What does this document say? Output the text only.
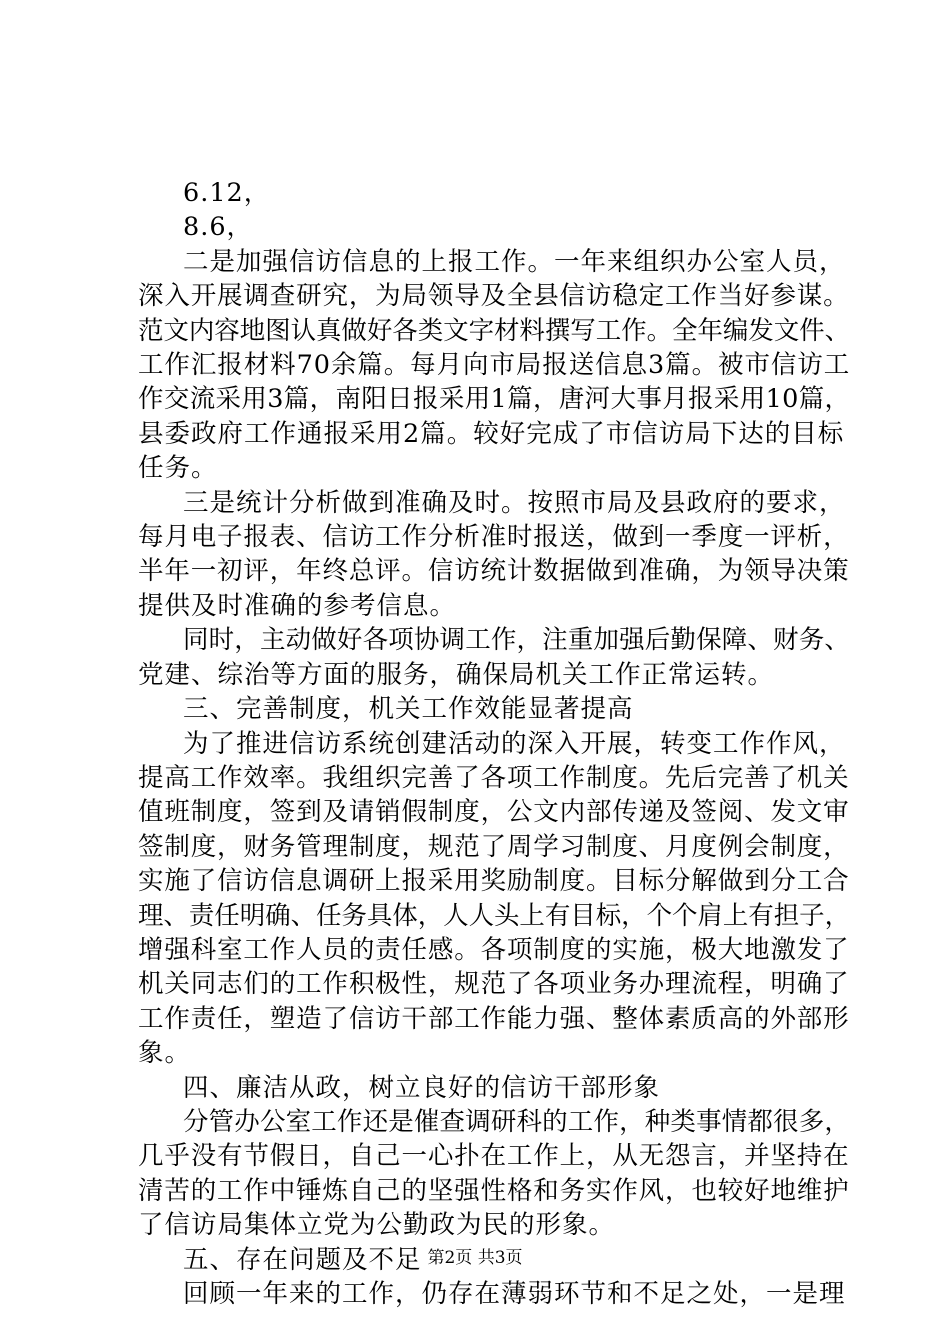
6.12，
8.6，
二是加强信访信息的上报工作。一年来组织办公室人员，
深入开展调查研究，为局领导及全县信访稳定工作当好参谋。
范文内容地图认真做好各类文字材料撰写工作。全年编发文件、
工作汇报材料70余篇。每月向市局报送信息3篇。被市信访工
作交流采用3篇，南阳日报采用1篇，唐河大事月报采用10篇，
县委政府工作通报采用2篇。较好完成了市信访局下达的目标
任务。
三是统计分析做到准确及时。按照市局及县政府的要求，
每月电子报表、信访工作分析准时报送，做到一季度一评析，
半年一初评，年终总评。信访统计数据做到准确，为领导决策
提供及时准确的参考信息。
同时，主动做好各项协调工作，注重加强后勤保障、财务、
党建、综治等方面的服务，确保局机关工作正常运转。
三、完善制度，机关工作效能显著提高
为了推进信访系统创建活动的深入开展，转变工作作风，
提高工作效率。我组织完善了各项工作制度。先后完善了机关
值班制度，签到及请销假制度，公文内部传递及签阅、发文审
签制度，财务管理制度，规范了周学习制度、月度例会制度，
实施了信访信息调研上报采用奖励制度。目标分解做到分工合
理、责任明确、任务具体，人人头上有目标，个个肩上有担子，
增强科室工作人员的责任感。各项制度的实施，极大地激发了
机关同志们的工作积极性，规范了各项业务办理流程，明确了
工作责任，塑造了信访干部工作能力强、整体素质高的外部形
象。
四、廉洁从政，树立良好的信访干部形象
分管办公室工作还是催查调研科的工作，种类事情都很多，
几乎没有节假日，自己一心扑在工作上，从无怨言，并坚持在
清苦的工作中锤炼自己的坚强性格和务实作风，也较好地维护
了信访局集体立党为公勤政为民的形象。
五、存在问题及不足
回顾一年来的工作，仍存在薄弱环节和不足之处，一是理
第2页 共3页
